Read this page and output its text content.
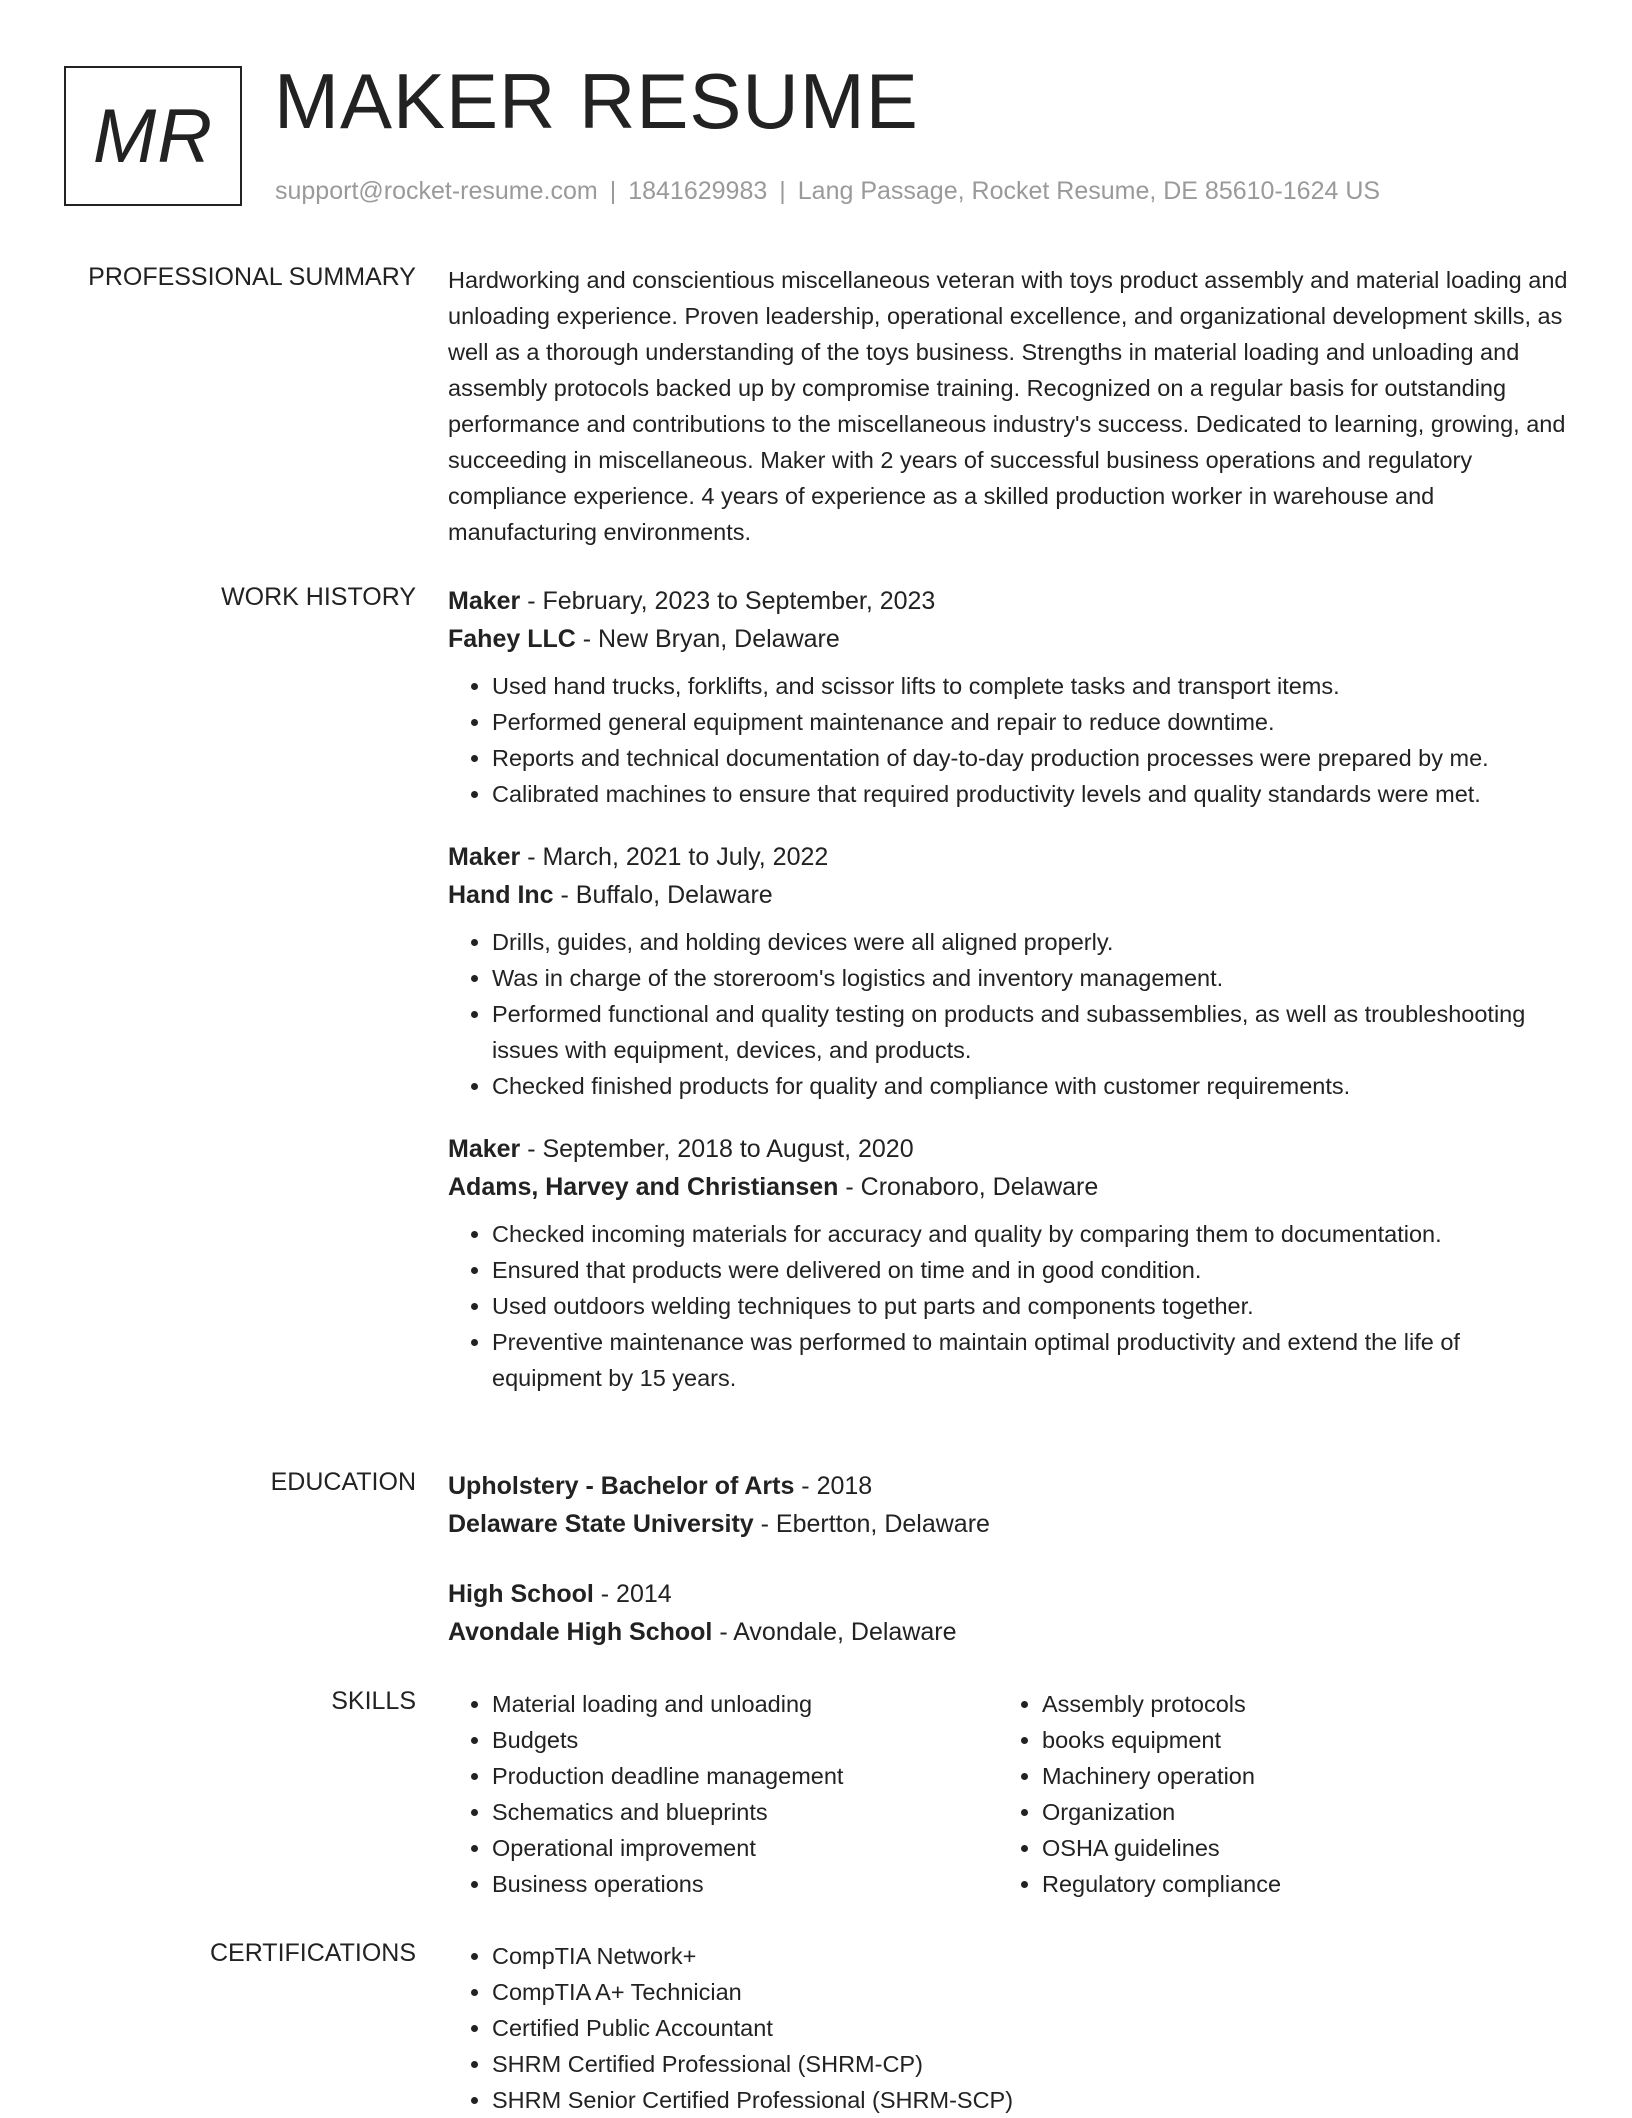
MR MAKER RESUME
support@rocket-resume.com | 1841629983 | Lang Passage, Rocket Resume, DE 85610-1624 US
PROFESSIONAL SUMMARY Hardworking and conscientious miscellaneous veteran with toys product assembly and material loading and unloading experience. Proven leadership, operational excellence, and organizational development skills, as well as a thorough understanding of the toys business. Strengths in material loading and unloading and assembly protocols backed up by compromise training. Recognized on a regular basis for outstanding performance and contributions to the miscellaneous industry's success. Dedicated to learning, growing, and succeeding in miscellaneous. Maker with 2 years of successful business operations and regulatory compliance experience. 4 years of experience as a skilled production worker in warehouse and manufacturing environments.

WORK HISTORY Maker - February, 2023 to September, 2023
Fahey LLC - New Bryan, Delaware
• Used hand trucks, forklifts, and scissor lifts to complete tasks and transport items.
• Performed general equipment maintenance and repair to reduce downtime.
• Reports and technical documentation of day-to-day production processes were prepared by me.
• Calibrated machines to ensure that required productivity levels and quality standards were met.
Maker - March, 2021 to July, 2022
Hand Inc - Buffalo, Delaware
• Drills, guides, and holding devices were all aligned properly.
• Was in charge of the storeroom's logistics and inventory management.
• Performed functional and quality testing on products and subassemblies, as well as troubleshooting issues with equipment, devices, and products.
• Checked finished products for quality and compliance with customer requirements.
Maker - September, 2018 to August, 2020
Adams, Harvey and Christiansen - Cronaboro, Delaware
• Checked incoming materials for accuracy and quality by comparing them to documentation.
• Ensured that products were delivered on time and in good condition.
• Used outdoors welding techniques to put parts and components together.
• Preventive maintenance was performed to maintain optimal productivity and extend the life of equipment by 15 years.
EDUCATION Upholstery - Bachelor of Arts - 2018
Delaware State University - Ebertton, Delaware
High School - 2014
Avondale High School - Avondale, Delaware
SKILLS	• Material loading and unloading
• Budgets
• Production deadline management
• Schematics and blueprints
• Operational improvement
• Business operations
• Assembly protocols
• books equipment
• Machinery operation
• Organization
• OSHA guidelines
• Regulatory compliance
CERTIFICATIONS	• CompTIA Network+
• CompTIA A+ Technician
• Certified Public Accountant
• SHRM Certified Professional (SHRM-CP)
• SHRM Senior Certified Professional (SHRM-SCP)
